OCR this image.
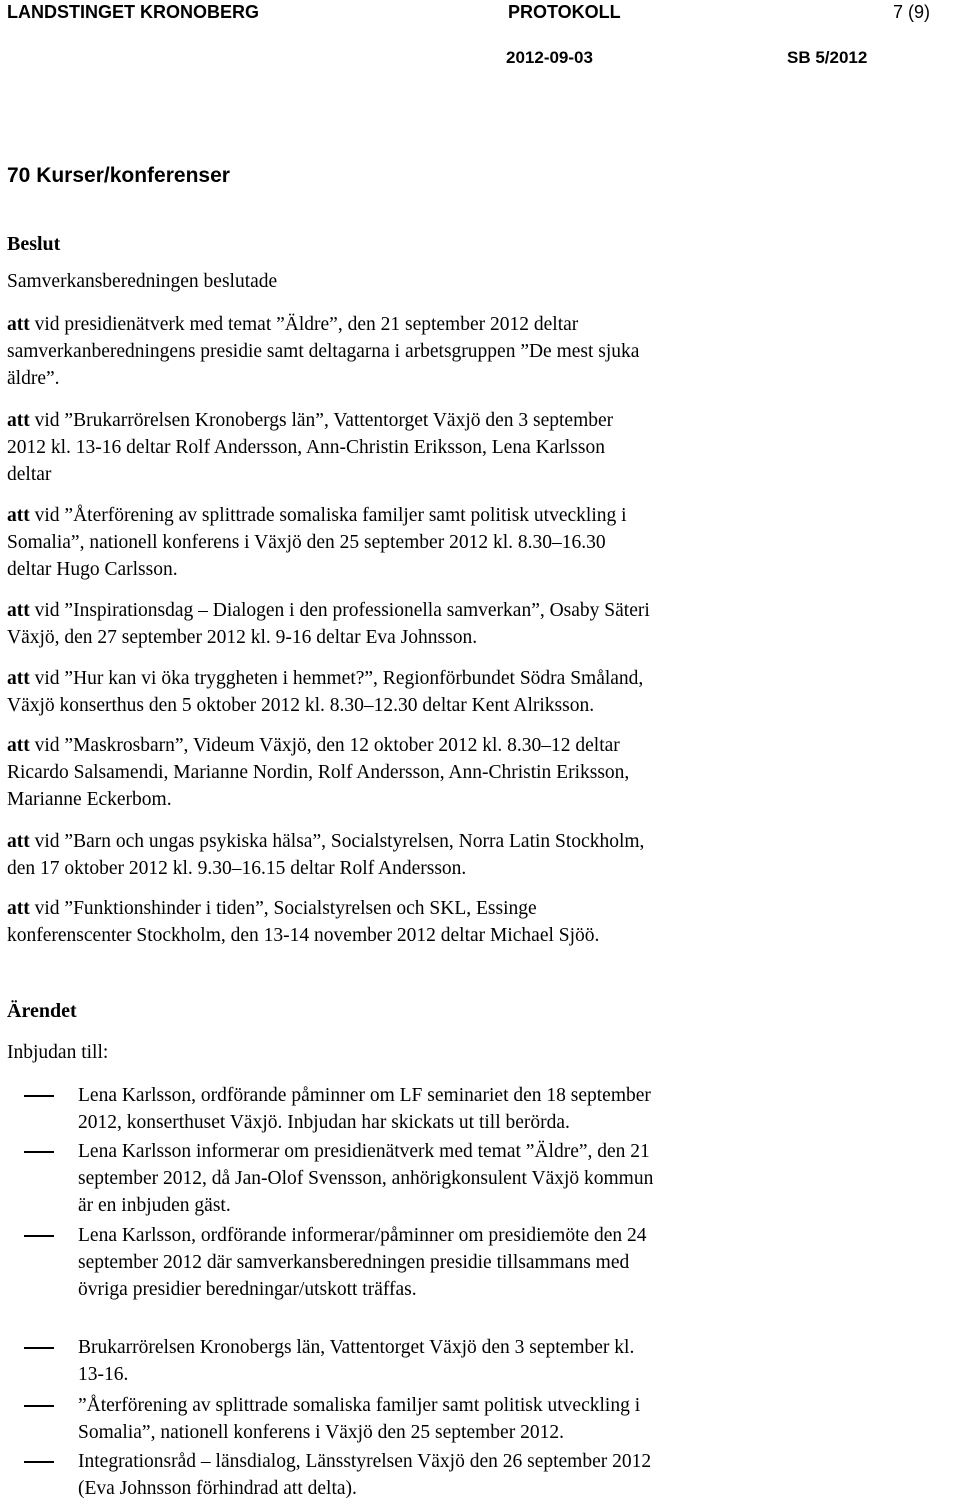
LANDSTINGET KRONOBERG	PROTOKOLL	7 (9)
2012-09-03	SB 5/2012
70 Kurser/konferenser
Beslut
Samverkansberedningen beslutade
att vid presidienätverk med temat ”Äldre”, den 21 september 2012 deltar
samverkanberedningens presidie samt deltagarna i arbetsgruppen ”De mest sjuka
äldre”.
att vid ”Brukarrörelsen Kronobergs län”, Vattentorget Växjö den 3 september
2012 kl. 13-16 deltar Rolf Andersson, Ann-Christin Eriksson, Lena Karlsson
deltar
att vid ”Återförening av splittrade somaliska familjer samt politisk utveckling i
Somalia”, nationell konferens i Växjö den 25 september 2012 kl. 8.30–16.30
deltar Hugo Carlsson.
att vid ”Inspirationsdag – Dialogen i den professionella samverkan”, Osaby Säteri
Växjö, den 27 september 2012 kl. 9-16 deltar Eva Johnsson.
att vid ”Hur kan vi öka tryggheten i hemmet?”, Regionförbundet Södra Småland,
Växjö konserthus den 5 oktober 2012 kl. 8.30–12.30 deltar Kent Alriksson.
att vid ”Maskrosbarn”, Videum Växjö, den 12 oktober 2012 kl. 8.30–12 deltar
Ricardo Salsamendi, Marianne Nordin, Rolf Andersson, Ann-Christin Eriksson,
Marianne Eckerbom.
att vid ”Barn och ungas psykiska hälsa”, Socialstyrelsen, Norra Latin Stockholm,
den 17 oktober 2012 kl. 9.30–16.15 deltar Rolf Andersson.
att vid ”Funktionshinder i tiden”, Socialstyrelsen och SKL, Essinge
konferenscenter Stockholm, den 13-14 november 2012 deltar Michael Sjöö.
Ärendet
Inbjudan till:
Lena Karlsson, ordförande påminner om LF seminariet den 18 september
2012, konserthuset Växjö. Inbjudan har skickats ut till berörda.
Lena Karlsson informerar om presidienätverk med temat ”Äldre”, den 21
september 2012, då Jan-Olof Svensson, anhörigkonsulent Växjö kommun
är en inbjuden gäst.
Lena Karlsson, ordförande informerar/påminner om presidiemöte den 24
september 2012 där samverkansberedningen presidie tillsammans med
övriga presidier beredningar/utskott träffas.
Brukarrörelsen Kronobergs län, Vattentorget Växjö den 3 september kl.
13-16.
”Återförening av splittrade somaliska familjer samt politisk utveckling i
Somalia”, nationell konferens i Växjö den 25 september 2012.
Integrationsråd – länsdialog, Länsstyrelsen Växjö den 26 september 2012
(Eva Johnsson förhindrad att delta).
